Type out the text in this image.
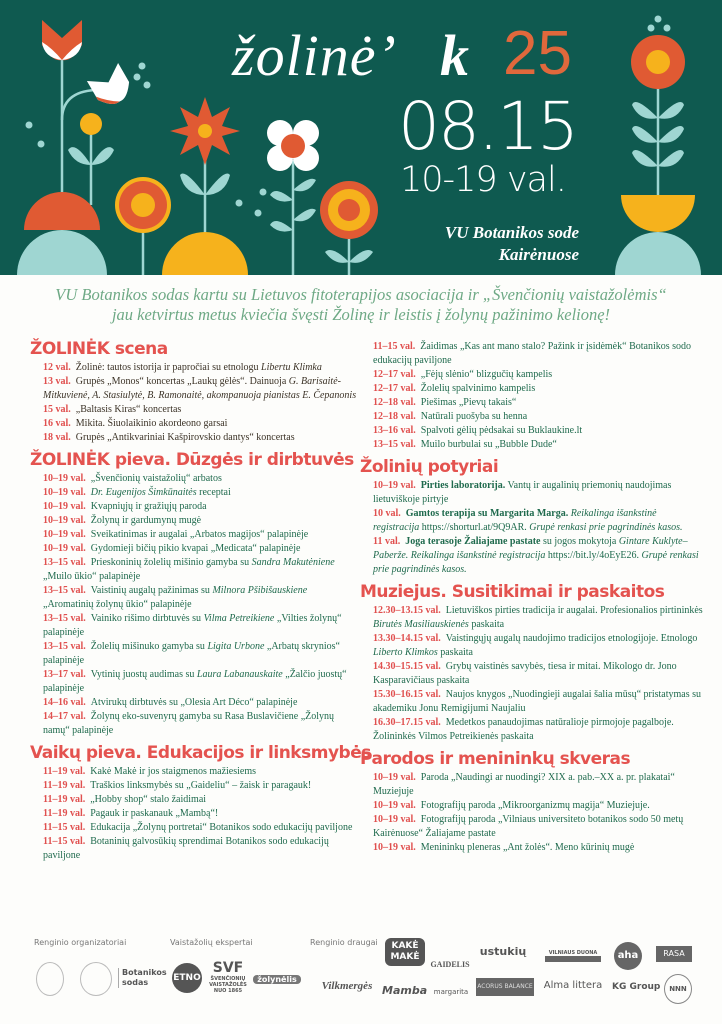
žolinė’ k 25
08.15
10-19 val.
VU Botanikos sode
Kairėnuose
VU Botanikos sodas kartu su Lietuvos fitoterapijos asociacija ir „Švenčionių vaistažolėmis“
jau ketvirtus metus kviečia švęsti Žolinę ir leistis į žolynų pažinimo kelionę!
ŽOLINĖK scena
12 val. Žolinė: tautos istorija ir papročiai su etnologu Libertu Klimka
13 val. Grupės „Monos“ koncertas „Laukų gėlės“. Dainuoja G. Barisaitė-Mitkuvienė, A. Stasiulytė, B. Ramonaitė, akompanuoja pianistas E. Čepanonis
15 val. „Baltasis Kiras“ koncertas
16 val. Mikita. Šiuolaikinio akordeono garsai
18 val. Grupės „Antikvariniai Kašpirovskio dantys“ koncertas
ŽOLINĖK pieva. Dūzgės ir dirbtuvės
10–19 val. „Švenčionių vaistažolių“ arbatos
10–19 val. Dr. Eugenijos Šimkūnaitės receptai
10–19 val. Kvapniųjų ir gražiųjų paroda
10–19 val. Žolynų ir gardumynų mugė
10–19 val. Sveikatinimas ir augalai „Arbatos magijos“ palapinėje
10–19 val. Gydomieji bičių pikio kvapai „Medicata“ palapinėje
13–15 val. Prieskoninių žolelių mišinio gamyba su Sandra Makutėniene „Muilo ūkio“ palapinėje
13–15 val. Vaistinių augalų pažinimas su Milnora Pšibišauskiene „Aromatinių žolynų ūkio“ palapinėje
13–15 val. Vainiko rišimo dirbtuvės su Vilma Petreikiene „Vilties žolynų“ palapinėje
13–15 val. Žolelių mišinuko gamyba su Ligita Urbone „Arbatų skrynios“ palapinėje
13–17 val. Vytinių juostų audimas su Laura Labanauskaite „Žalčio juostų“ palapinėje
14–16 val. Atvirukų dirbtuvės su „Olesia Art Déco“ palapinėje
14–17 val. Žolynų eko-suvenyrų gamyba su Rasa Buslavičiene „Žolynų namų“ palapinėje
Vaikų pieva. Edukacijos ir linksmybės
11–19 val. Kakė Makė ir jos staigmenos mažiesiems
11–19 val. Traškios linksmybės su „Gaideliu“ – žaisk ir paragauk!
11–19 val. „Hobby shop“ stalo žaidimai
11–19 val. Pagauk ir paskanauk „Mambą“!
11–15 val. Edukacija „Žolynų portretai“ Botanikos sodo edukacijų paviljone
11–15 val. Botaninių galvosūkių sprendimai Botanikos sodo edukacijų paviljone
11–15 val. Žaidimas „Kas ant mano stalo? Pažink ir įsidėmėk“ Botanikos sodo edukacijų paviljone
12–17 val. „Fėjų slėnio“ blizgučių kampelis
12–17 val. Žolelių spalvinimo kampelis
12–18 val. Piešimas „Pievų takais“
12–18 val. Natūrali puošyba su henna
13–16 val. Spalvoti gėlių pėdsakai su Buklaukine.lt
13–15 val. Muilo burbulai su „Bubble Dude“
Žolinių potyriai
10–19 val. Pirties laboratorija. Vantų ir augalinių priemonių naudojimas lietuviškoje pirtyje
10 val. Gamtos terapija su Margarita Marga. Reikalinga išankstinė registracija https://shorturl.at/9Q9AR. Grupė renkasi prie pagrindinės kasos.
11 val. Joga terasoje Žaliajame pastate su jogos mokytoja Gintare Kuklyte–Paberže. Reikalinga išankstinė registracija https://bit.ly/4oEyE26. Grupė renkasi prie pagrindinės kasos.
Muziejus. Susitikimai ir paskaitos
12.30–13.15 val. Lietuviškos pirties tradicija ir augalai. Profesionalios pirtininkės Birutės Masiliauskienės paskaita
13.30–14.15 val. Vaistingųjų augalų naudojimo tradicijos etnologijoje. Etnologo Liberto Klimkos paskaita
14.30–15.15 val. Grybų vaistinės savybės, tiesa ir mitai. Mikologo dr. Jono Kasparavičiaus paskaita
15.30–16.15 val. Naujos knygos „Nuodingieji augalai šalia mūsų“ pristatymas su akademiku Jonu Remigijumi Naujaliu
16.30–17.15 val. Medetkos panaudojimas natūralioje pirmojoje pagalboje. Žolininkės Vilmos Petreikienės paskaita
Parodos ir menininkų skveras
10–19 val. Paroda „Naudingi ar nuodingi? XIX a. pab.–XX a. pr. plakatai“ Muziejuje
10–19 val. Fotografijų paroda „Mikroorganizmų magija“ Muziejuje.
10–19 val. Fotografijų paroda „Vilniaus universiteto botanikos sodo 50 metų Kairėnuose“ Žaliajame pastate
10–19 val. Menininkų pleneras „Ant žolės“. Meno kūrinių mugė
Renginio organizatoriai	Vaistažolių ekspertai	Renginio draugai
Botanikos sodas	ETNO
SVF
ŠVENČIONIŲ VAISTAŽOLĖS NUO 1865
žolynėlis
Vilkmergės
KAKĖ MAKĖ
GAIDELIS
ustukių	VILNIAUS DUONA	aha	RASA
Mamba margarita
ACORUS BALANCE	Alma littera	KG Group	NNN
